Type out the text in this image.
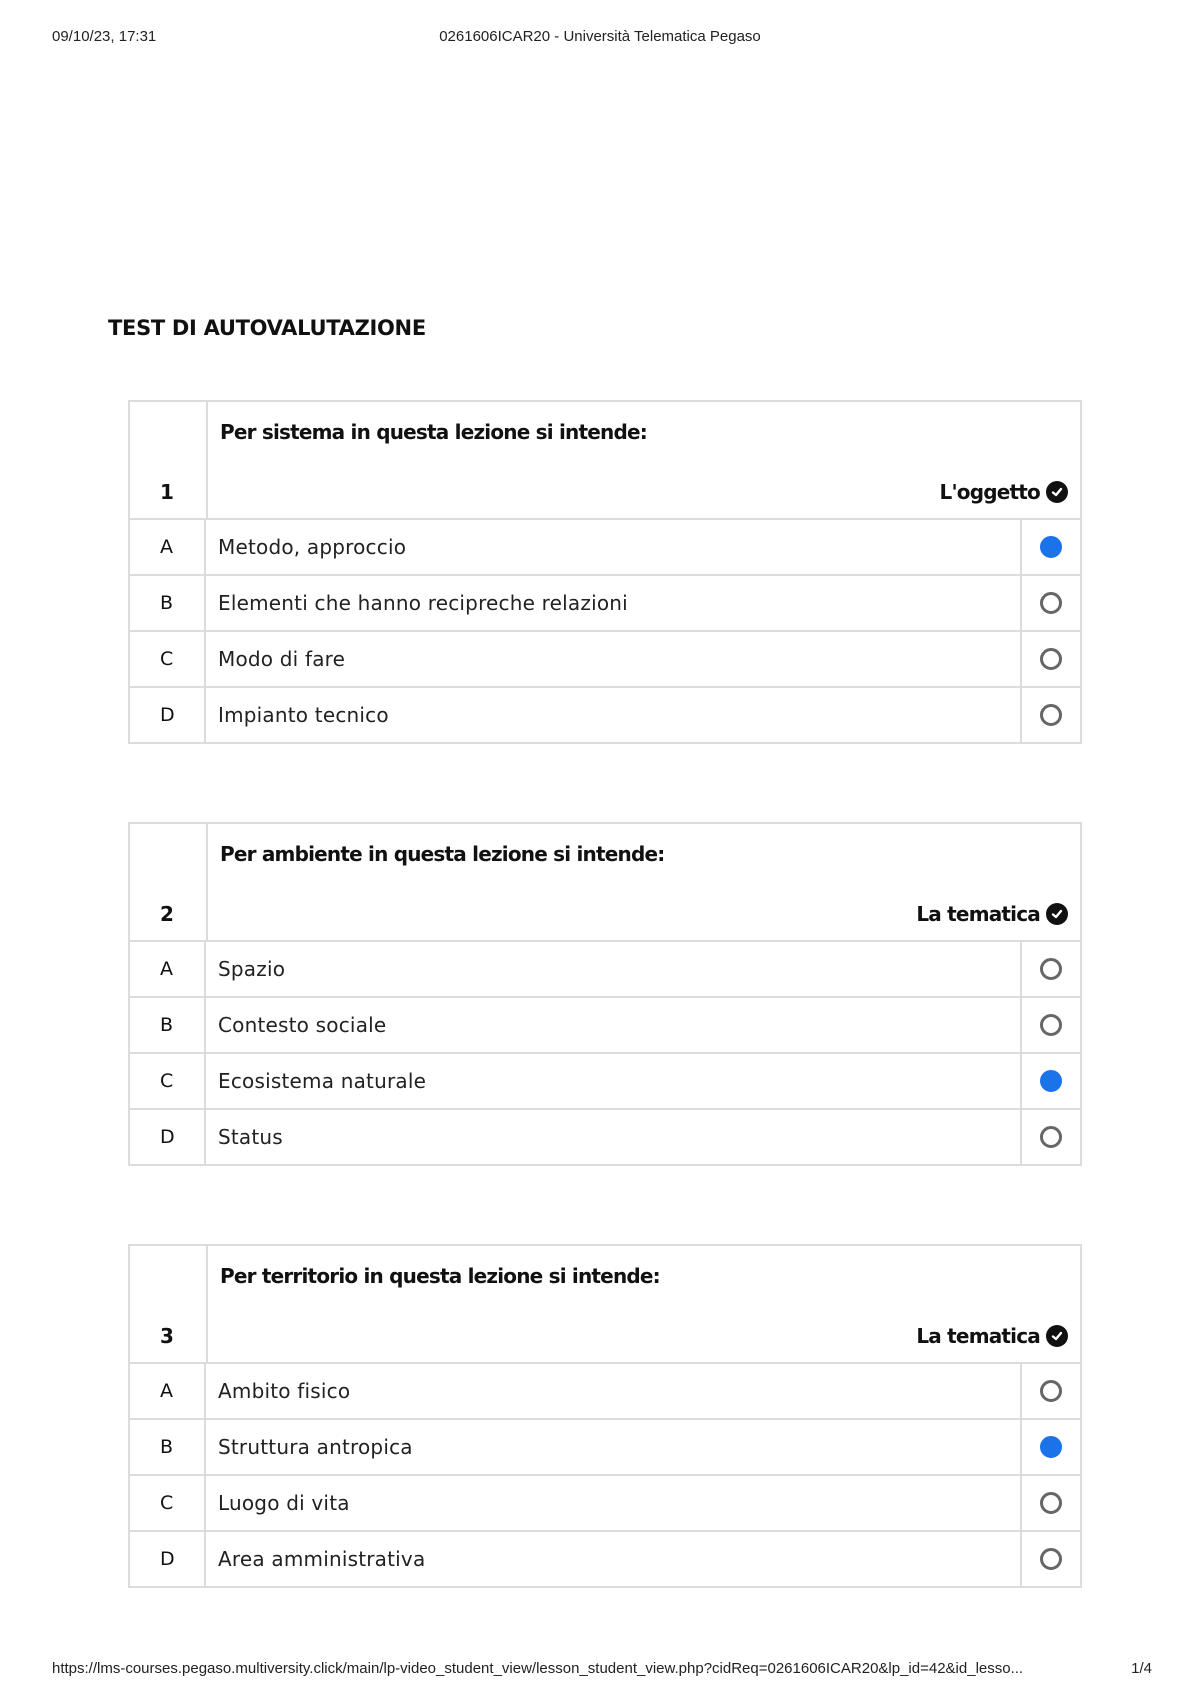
09/10/23, 17:31	0261606ICAR20 - Università Telematica Pegaso
TEST DI AUTOVALUTAZIONE
1
Per sistema in questa lezione si intende:
L'oggetto
A	Metodo, approccio
B	Elementi che hanno recipreche relazioni
C	Modo di fare
D	Impianto tecnico
2
Per ambiente in questa lezione si intende:
La tematica
A	Spazio
B	Contesto sociale
C	Ecosistema naturale
D	Status
3
Per territorio in questa lezione si intende:
La tematica
A	Ambito fisico
B	Struttura antropica
C	Luogo di vita
D	Area amministrativa
https://lms-courses.pegaso.multiversity.click/main/lp-video_student_view/lesson_student_view.php?cidReq=0261606ICAR20&lp_id=42&id_lesso...	1/4
